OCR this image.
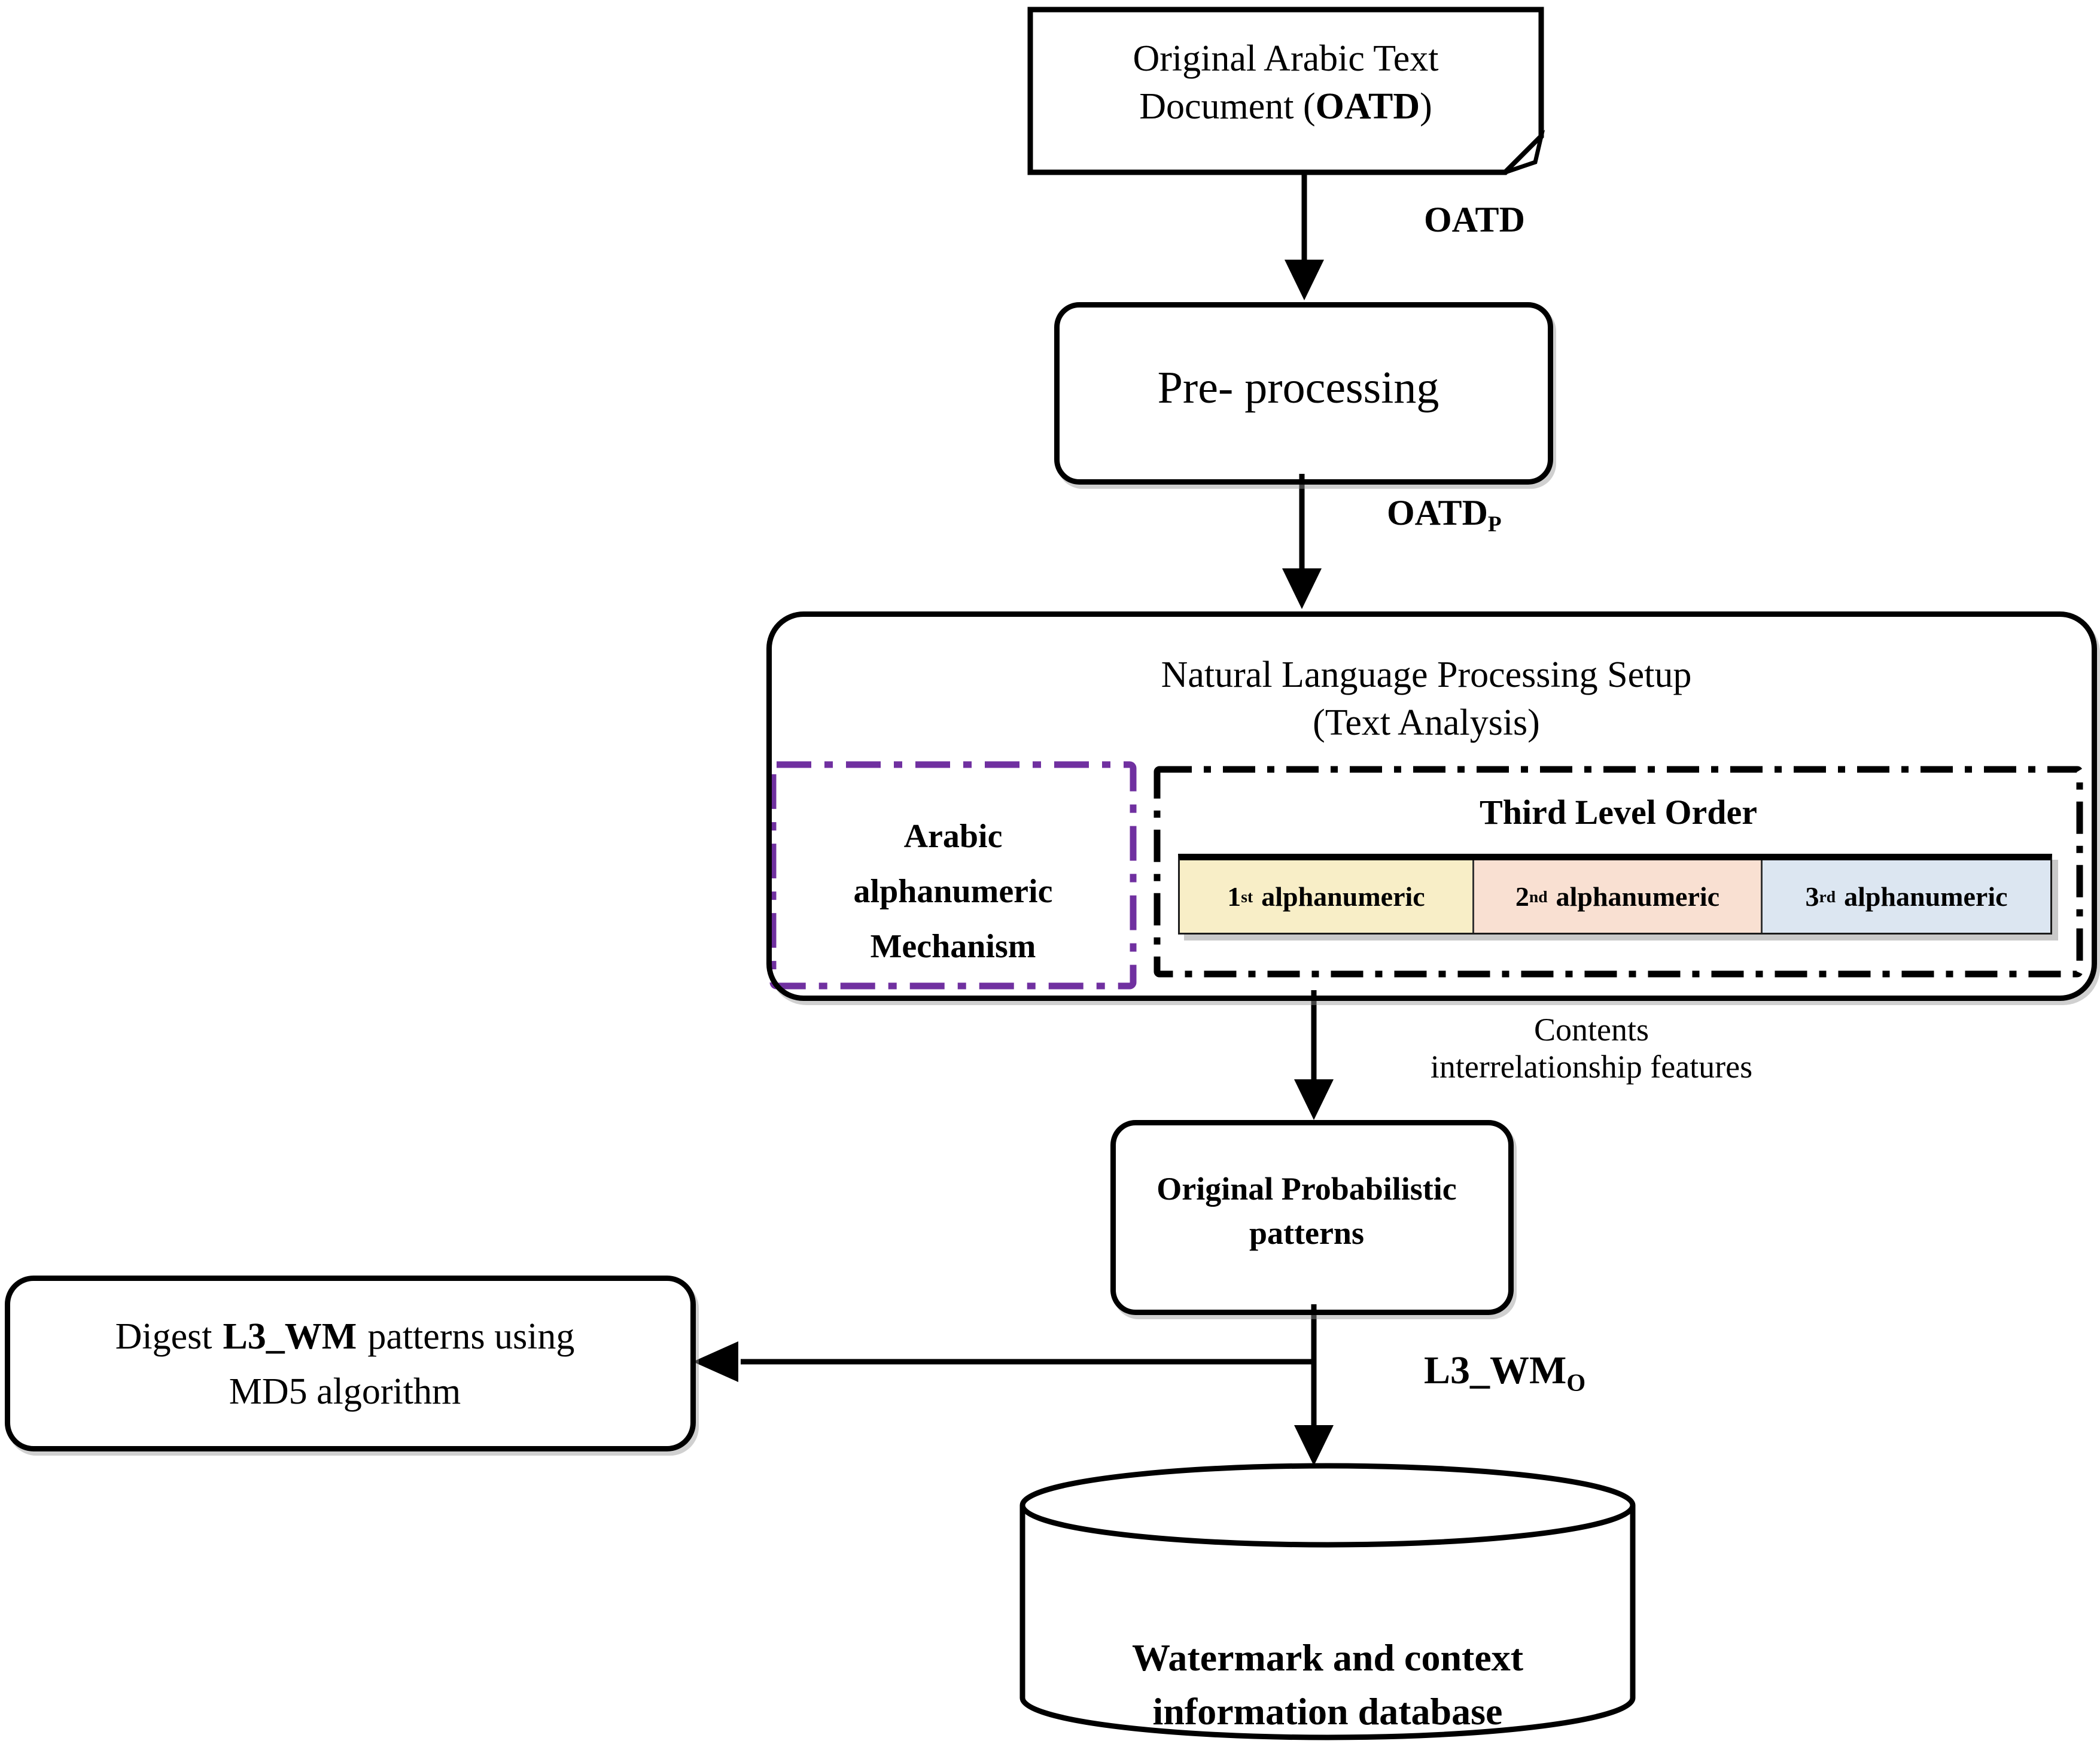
1 st alphanumeric	2 nd alphanumeric	3 rd alphanumeric
Original Arabic Text
Document (OATD)
OATD
Pre- processing
$OATD_P$
Natural Language Processing Setup
(Text Analysis)
Arabic
alphanumeric
Mechanism
Third Level Order
Contents
interrelationship features
Original Probabilistic
patterns
$L3\_WM_O$
Digest L3_WM patterns using
MD5 algorithm
Watermark and context
information database
